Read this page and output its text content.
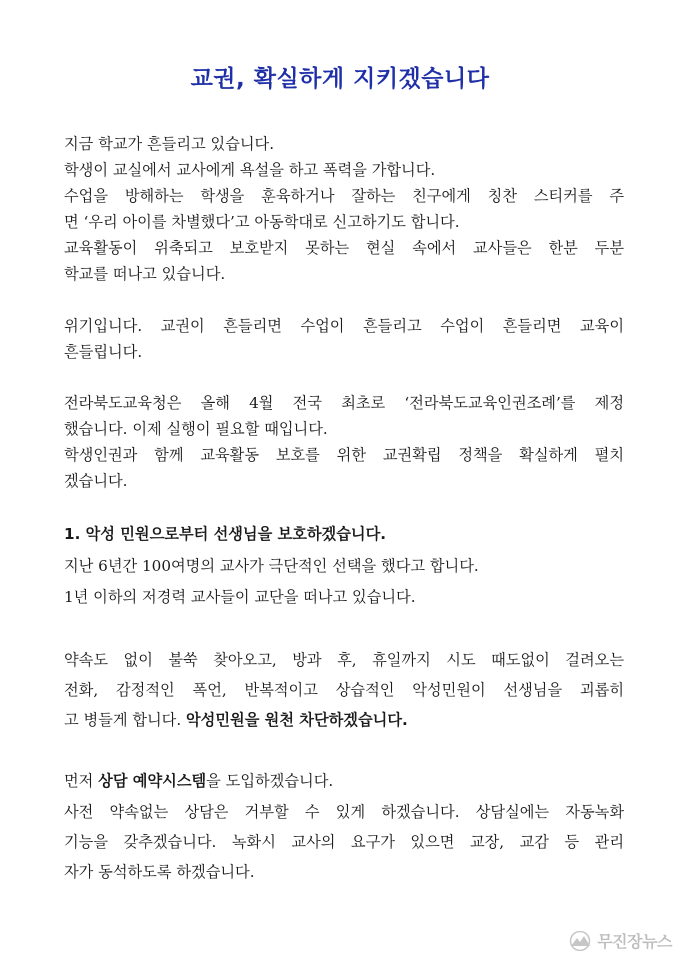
교권, 확실하게 지키겠습니다
지금 학교가 흔들리고 있습니다.
학생이 교실에서 교사에게 욕설을 하고 폭력을 가합니다.
수업을 방해하는 학생을 훈육하거나 잘하는 친구에게 칭찬 스티커를 주
면 ‘우리 아이를 차별했다’고 아동학대로 신고하기도 합니다.
교육활동이 위축되고 보호받지 못하는 현실 속에서 교사들은 한분 두분
학교를 떠나고 있습니다.
위기입니다. 교권이 흔들리면 수업이 흔들리고 수업이 흔들리면 교육이
흔들립니다.
전라북도교육청은 올해 4월 전국 최초로 ‘전라북도교육인권조례’를 제정
했습니다. 이제 실행이 필요할 때입니다.
학생인권과 함께 교육활동 보호를 위한 교권확립 정책을 확실하게 펼치
겠습니다.
1. 악성 민원으로부터 선생님을 보호하겠습니다.
지난 6년간 100여명의 교사가 극단적인 선택을 했다고 합니다.
1년 이하의 저경력 교사들이 교단을 떠나고 있습니다.
약속도 없이 불쑥 찾아오고, 방과 후, 휴일까지 시도 때도없이 걸려오는
전화, 감정적인 폭언, 반복적이고 상습적인 악성민원이 선생님을 괴롭히
고 병들게 합니다. 악성민원을 원천 차단하겠습니다.
먼저 상담 예약시스템을 도입하겠습니다.
사전 약속없는 상담은 거부할 수 있게 하겠습니다. 상담실에는 자동녹화
기능을 갖추겠습니다. 녹화시 교사의 요구가 있으면 교장, 교감 등 관리
자가 동석하도록 하겠습니다.
무진장뉴스
